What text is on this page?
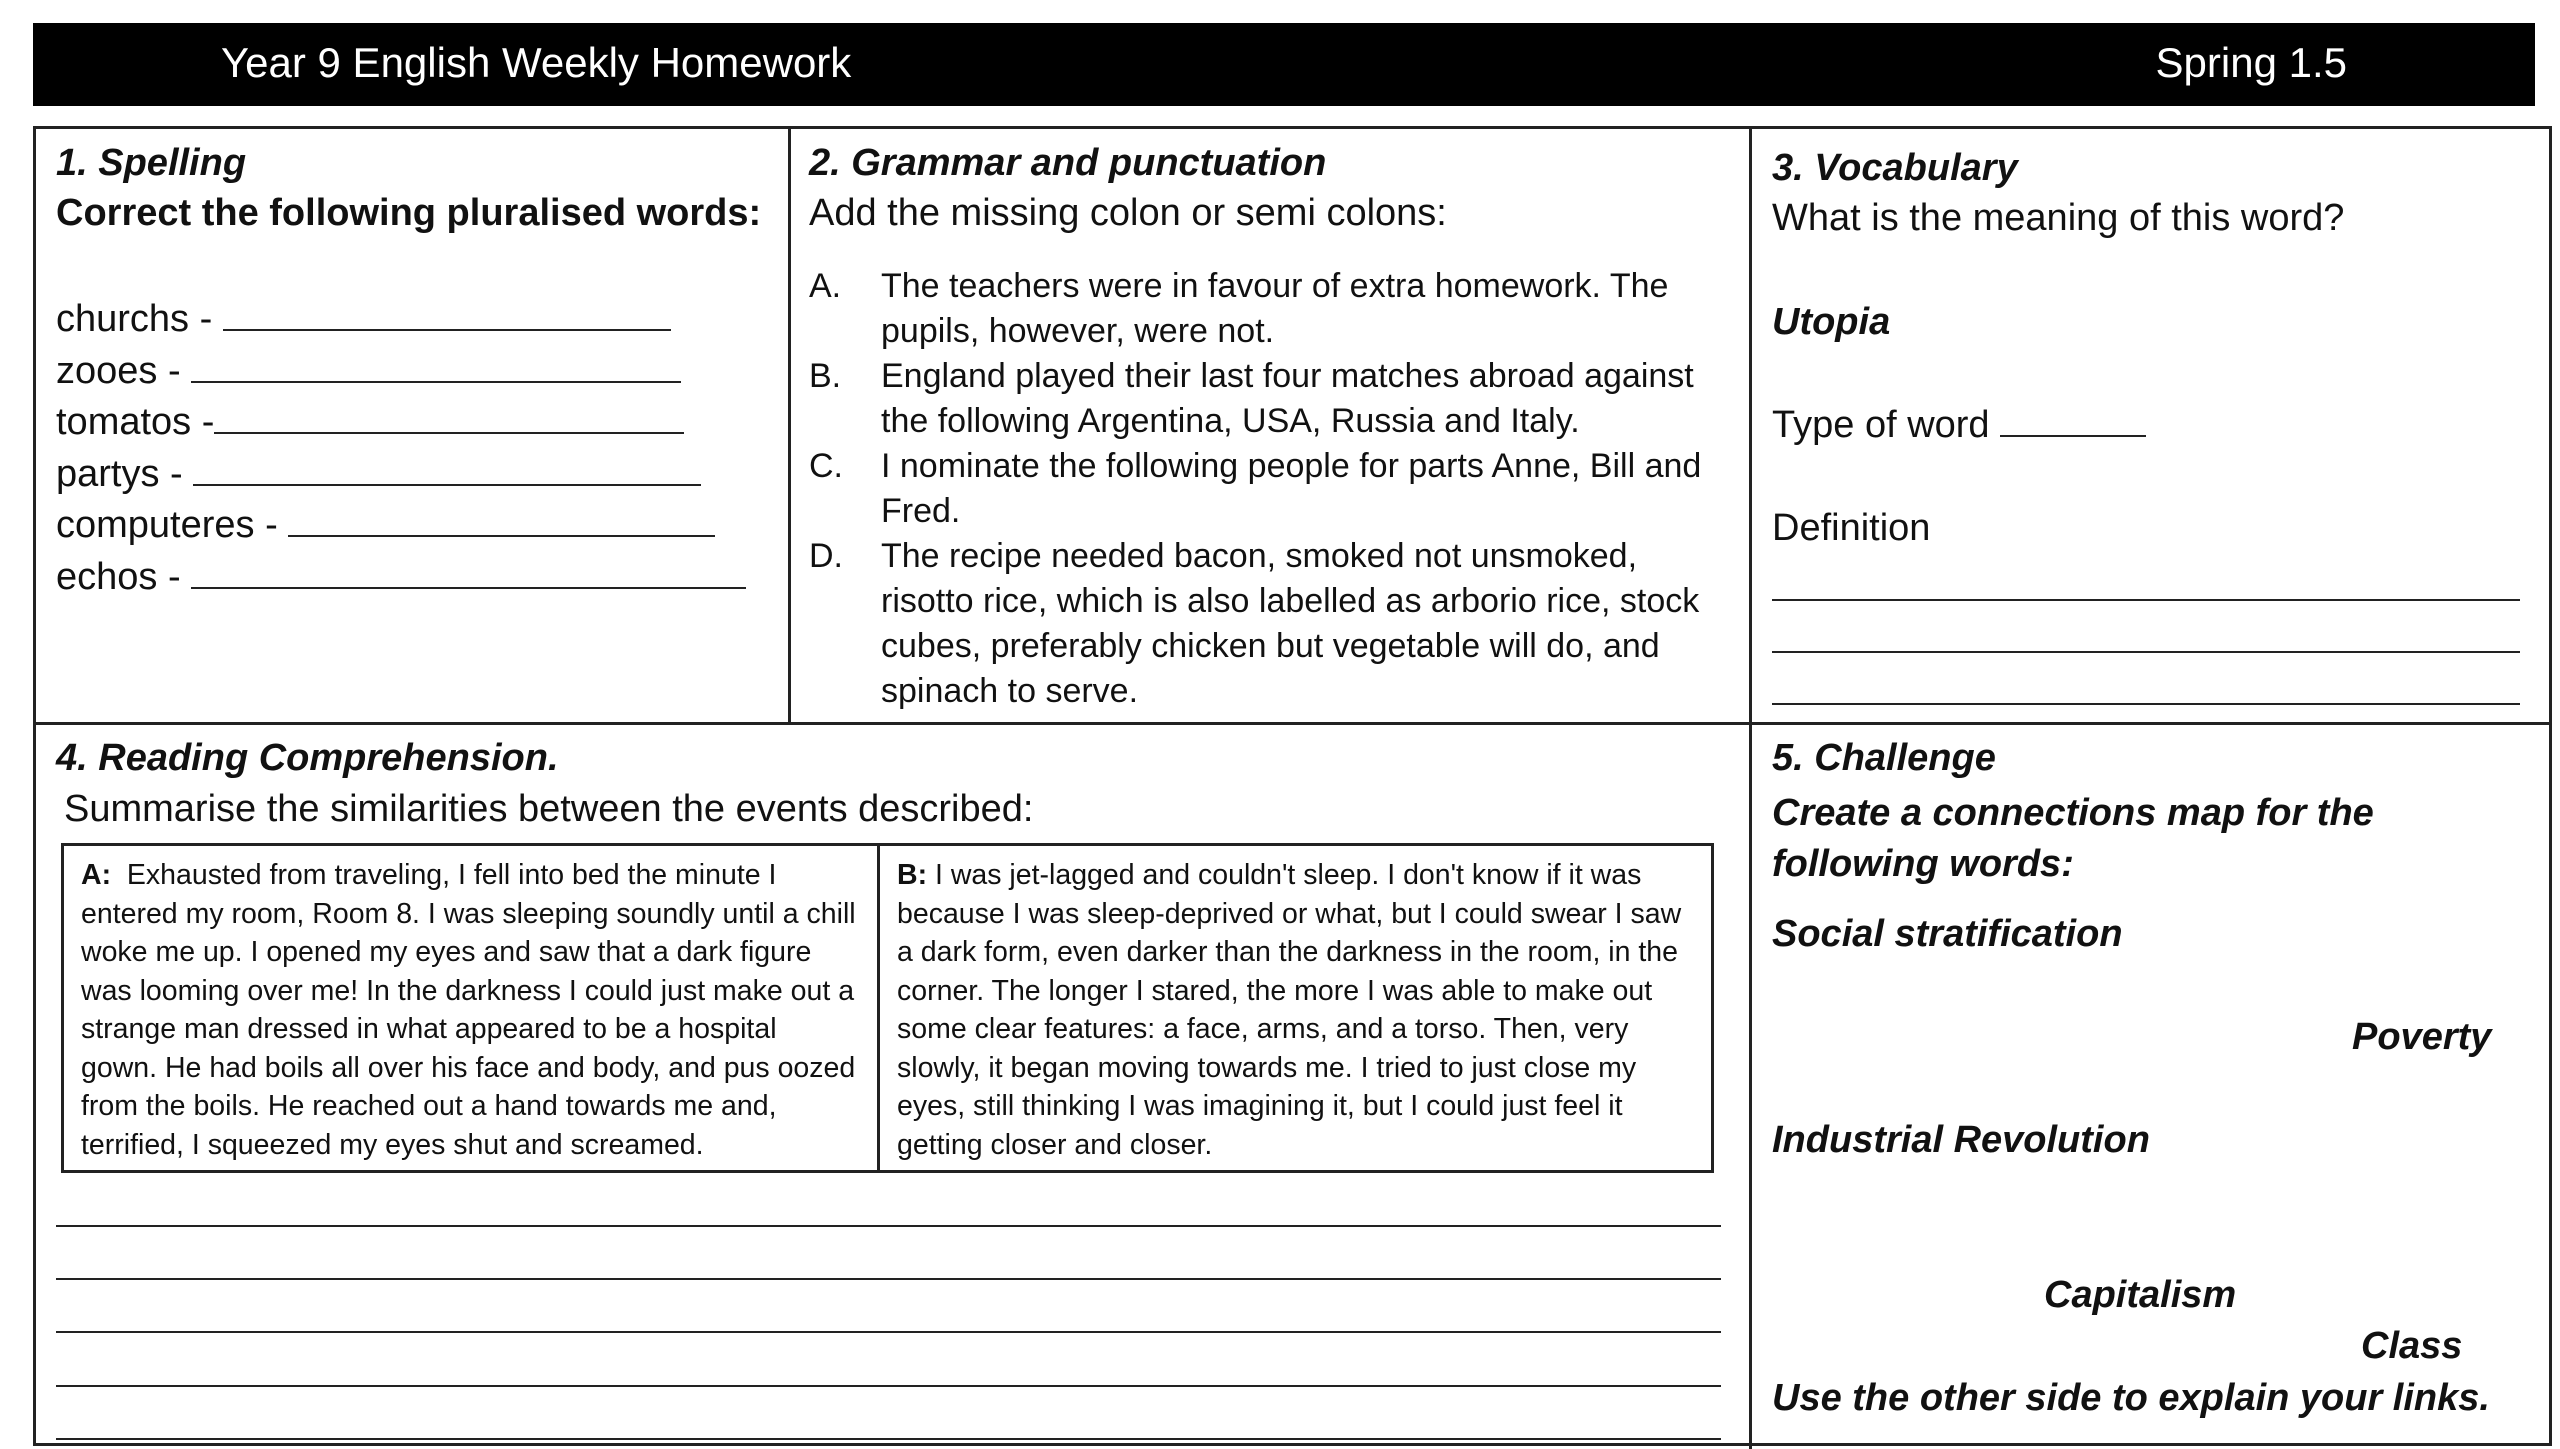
Year 9 English Weekly Homework	Spring 1.5
1. Spelling
Correct the following pluralised words:
churchs -
zooes -
tomatos -
partys -
computeres -
echos -
2. Grammar and punctuation
Add the missing colon or semi colons:
A.	The teachers were in favour of extra homework. The pupils, however, were not.
B.	England played their last four matches abroad against the following Argentina, USA, Russia and Italy.
C.	I nominate the following people for parts Anne, Bill and Fred.
D.	The recipe needed bacon, smoked not unsmoked, risotto rice, which is also labelled as arborio rice, stock cubes, preferably chicken but vegetable will do, and spinach to serve.
3. Vocabulary
What is the meaning of this word?
Utopia
Type of word
Definition
4. Reading Comprehension.
Summarise the similarities between the events described:
A: Exhausted from traveling, I fell into bed the minute I entered my room, Room 8. I was sleeping soundly until a chill woke me up. I opened my eyes and saw that a dark figure was looming over me! In the darkness I could just make out a strange man dressed in what appeared to be a hospital gown. He had boils all over his face and body, and pus oozed from the boils. He reached out a hand towards me and, terrified, I squeezed my eyes shut and screamed.
B: I was jet-lagged and couldn't sleep. I don't know if it was because I was sleep-deprived or what, but I could swear I saw a dark form, even darker than the darkness in the room, in the corner. The longer I stared, the more I was able to make out some clear features: a face, arms, and a torso. Then, very slowly, it began moving towards me. I tried to just close my eyes, still thinking I was imagining it, but I could just feel it getting closer and closer.
5. Challenge
Create a connections map for the following words:
Social stratification
Poverty
Industrial Revolution
Capitalism
Class
Use the other side to explain your links.
